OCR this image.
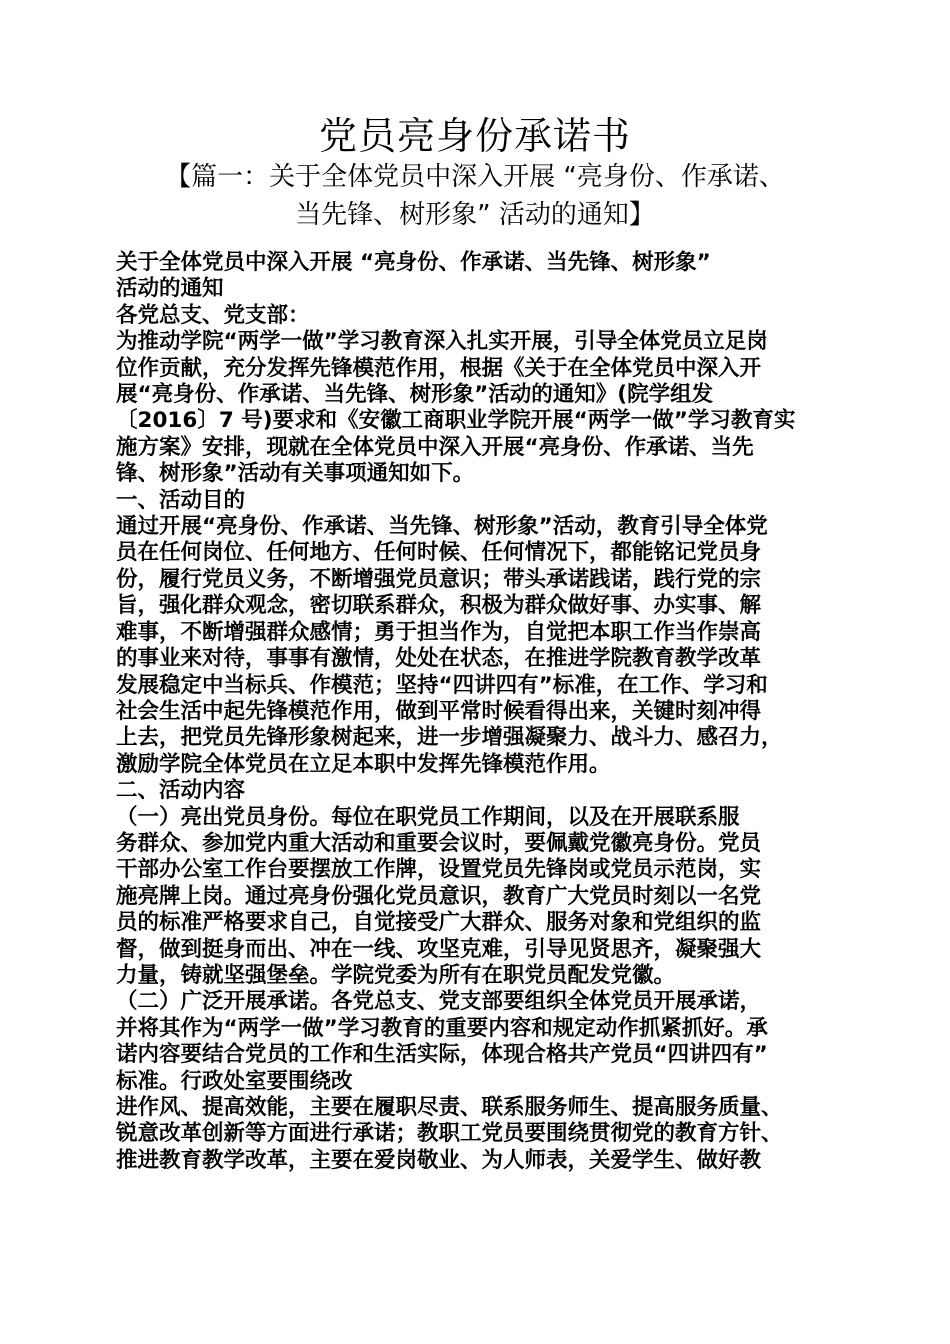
党员亮身份承诺书
【篇一：关于全体党员中深入开展 “亮身份、作承诺、
当先锋、树形象” 活动的通知】

关于全体党员中深入开展 “亮身份、作承诺、当先锋、树形象”

活动的通知

各党总支、党支部：

为推动学院“两学一做”学习教育深入扎实开展，引导全体党员立足岗

位作贡献，充分发挥先锋模范作用，根据《关于在全体党员中深入开

展“亮身份、作承诺、当先锋、树形象”活动的通知》(院学组发

〔2016〕7 号)要求和《安徽工商职业学院开展“两学一做”学习教育实

施方案》安排，现就在全体党员中深入开展“亮身份、作承诺、当先

锋、树形象”活动有关事项通知如下。

一、活动目的

通过开展“亮身份、作承诺、当先锋、树形象”活动，教育引导全体党

员在任何岗位、任何地方、任何时候、任何情况下，都能铭记党员身

份，履行党员义务，不断增强党员意识；带头承诺践诺，践行党的宗

旨，强化群众观念，密切联系群众，积极为群众做好事、办实事、解

难事，不断增强群众感情；勇于担当作为，自觉把本职工作当作崇高

的事业来对待，事事有激情，处处在状态，在推进学院教育教学改革

发展稳定中当标兵、作模范；坚持“四讲四有”标准，在工作、学习和

社会生活中起先锋模范作用，做到平常时候看得出来，关键时刻冲得

上去，把党员先锋形象树起来，进一步增强凝聚力、战斗力、感召力，

激励学院全体党员在立足本职中发挥先锋模范作用。

二、活动内容

（一）亮出党员身份。每位在职党员工作期间，以及在开展联系服

务群众、参加党内重大活动和重要会议时，要佩戴党徽亮身份。党员

干部办公室工作台要摆放工作牌，设置党员先锋岗或党员示范岗，实

施亮牌上岗。通过亮身份强化党员意识，教育广大党员时刻以一名党

员的标准严格要求自己，自觉接受广大群众、服务对象和党组织的监

督，做到挺身而出、冲在一线、攻坚克难，引导见贤思齐，凝聚强大

力量，铸就坚强堡垒。学院党委为所有在职党员配发党徽。

（二）广泛开展承诺。各党总支、党支部要组织全体党员开展承诺，

并将其作为“两学一做”学习教育的重要内容和规定动作抓紧抓好。承

诺内容要结合党员的工作和生活实际，体现合格共产党员“四讲四有”

标准。行政处室要围绕改

进作风、提高效能，主要在履职尽责、联系服务师生、提高服务质量、

锐意改革创新等方面进行承诺；教职工党员要围绕贯彻党的教育方针、

推进教育教学改革，主要在爱岗敬业、为人师表，关爱学生、做好教
